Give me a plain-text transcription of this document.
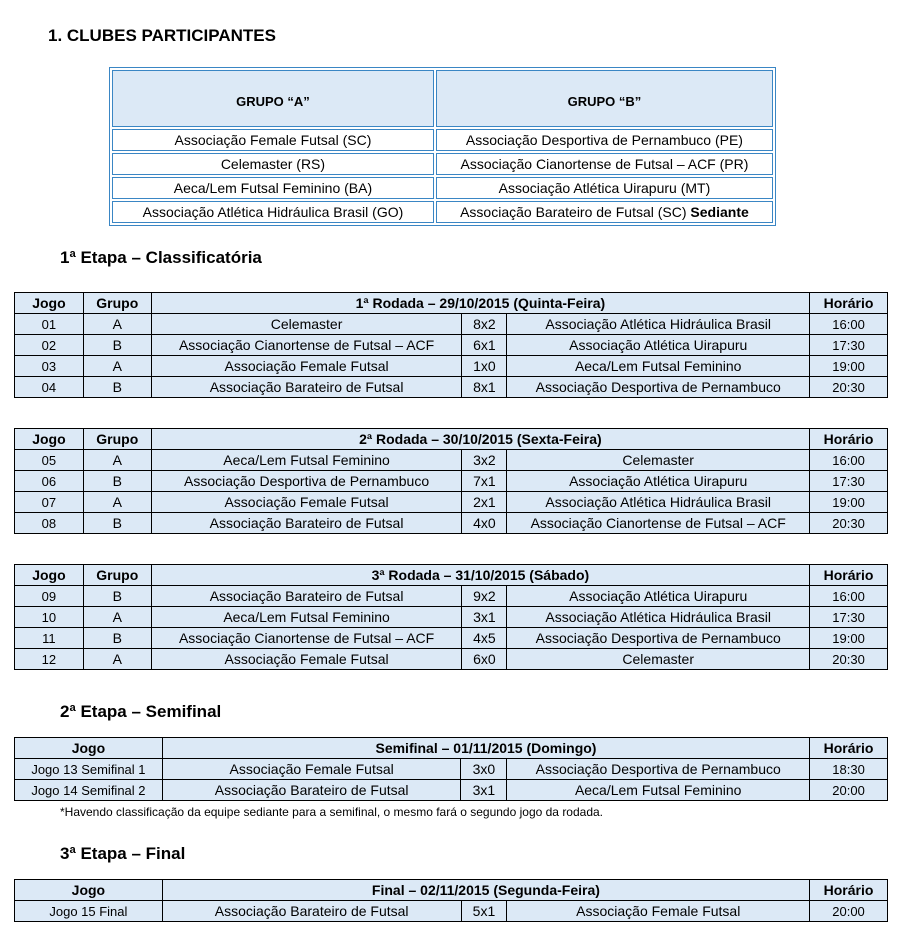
1. CLUBES PARTICIPANTES
GRUPO “A”	GRUPO “B”
Associação Female Futsal (SC)	Associação Desportiva de Pernambuco (PE)
Celemaster (RS)	Associação Cianortense de Futsal – ACF (PR)
Aeca/Lem Futsal Feminino (BA)	Associação Atlética Uirapuru (MT)
Associação Atlética Hidráulica Brasil (GO)	Associação Barateiro de Futsal (SC) Sediante
1ª Etapa – Classificatória
Jogo	Grupo	1ª Rodada – 29/10/2015 (Quinta-Feira)			Horário
01	A	Celemaster	8x2	Associação Atlética Hidráulica Brasil	16:00
02	B	Associação Cianortense de Futsal – ACF	6x1	Associação Atlética Uirapuru	17:30
03	A	Associação Female Futsal	1x0	Aeca/Lem Futsal Feminino	19:00
04	B	Associação Barateiro de Futsal	8x1	Associação Desportiva de Pernambuco	20:30
Jogo	Grupo	2ª Rodada – 30/10/2015 (Sexta-Feira)			Horário
05	A	Aeca/Lem Futsal Feminino	3x2	Celemaster	16:00
06	B	Associação Desportiva de Pernambuco	7x1	Associação Atlética Uirapuru	17:30
07	A	Associação Female Futsal	2x1	Associação Atlética Hidráulica Brasil	19:00
08	B	Associação Barateiro de Futsal	4x0	Associação Cianortense de Futsal – ACF	20:30
Jogo	Grupo	3ª Rodada – 31/10/2015 (Sábado)			Horário
09	B	Associação Barateiro de Futsal	9x2	Associação Atlética Uirapuru	16:00
10	A	Aeca/Lem Futsal Feminino	3x1	Associação Atlética Hidráulica Brasil	17:30
11	B	Associação Cianortense de Futsal – ACF	4x5	Associação Desportiva de Pernambuco	19:00
12	A	Associação Female Futsal	6x0	Celemaster	20:30
2ª Etapa – Semifinal
Jogo	Semifinal – 01/11/2015 (Domingo)			Horário
Jogo 13 Semifinal 1	Associação Female Futsal	3x0	Associação Desportiva de Pernambuco	18:30
Jogo 14 Semifinal 2	Associação Barateiro de Futsal	3x1	Aeca/Lem Futsal Feminino	20:00
*Havendo classificação da equipe sediante para a semifinal, o mesmo fará o segundo jogo da rodada.
3ª Etapa – Final
Jogo	Final – 02/11/2015 (Segunda-Feira)			Horário
Jogo 15 Final	Associação Barateiro de Futsal	5x1	Associação Female Futsal	20:00
